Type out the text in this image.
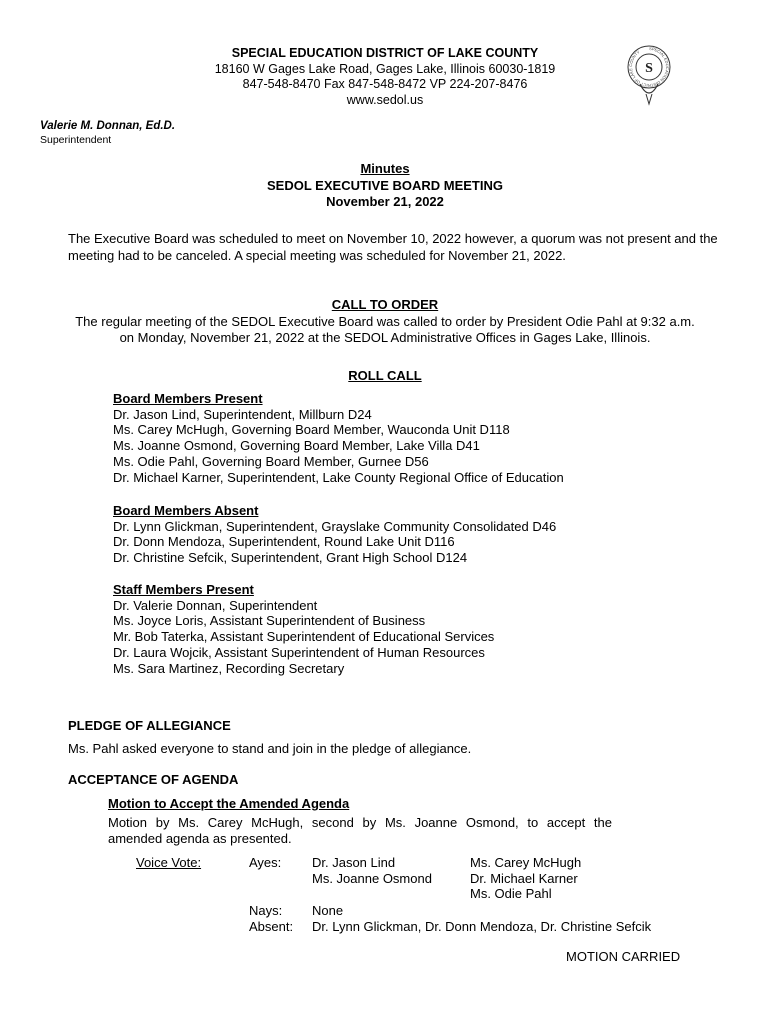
SPECIAL EDUCATION DISTRICT OF LAKE COUNTY
18160 W Gages Lake Road, Gages Lake, Illinois 60030-1819
847-548-8470 Fax 847-548-8472 VP 224-207-8476
www.sedol.us
SPECIAL EDUCATION DISTRICT OF LAKE COUNTY
S
Valerie M. Donnan, Ed.D.
Superintendent
Minutes
SEDOL EXECUTIVE BOARD MEETING
November 21, 2022
The Executive Board was scheduled to meet on November 10, 2022 however, a quorum was not present and the meeting had to be canceled. A special meeting was scheduled for November 21, 2022.
CALL TO ORDER
The regular meeting of the SEDOL Executive Board was called to order by President Odie Pahl at 9:32 a.m.
on Monday, November 21, 2022 at the SEDOL Administrative Offices in Gages Lake, Illinois.
ROLL CALL
Board Members Present
Dr. Jason Lind, Superintendent, Millburn D24
Ms. Carey McHugh, Governing Board Member, Wauconda Unit D118
Ms. Joanne Osmond, Governing Board Member, Lake Villa D41
Ms. Odie Pahl, Governing Board Member, Gurnee D56
Dr. Michael Karner, Superintendent, Lake County Regional Office of Education
Board Members Absent
Dr. Lynn Glickman, Superintendent, Grayslake Community Consolidated D46
Dr. Donn Mendoza, Superintendent, Round Lake Unit D116
Dr. Christine Sefcik, Superintendent, Grant High School D124
Staff Members Present
Dr. Valerie Donnan, Superintendent
Ms. Joyce Loris, Assistant Superintendent of Business
Mr. Bob Taterka, Assistant Superintendent of Educational Services
Dr. Laura Wojcik, Assistant Superintendent of Human Resources
Ms. Sara Martinez, Recording Secretary
PLEDGE OF ALLEGIANCE
Ms. Pahl asked everyone to stand and join in the pledge of allegiance.
ACCEPTANCE OF AGENDA
Motion to Accept the Amended Agenda
Motion by Ms. Carey McHugh, second by Ms. Joanne Osmond, to accept the
amended agenda as presented.
Voice Vote:	Ayes: Dr. Jason Lind
Ms. Joanne Osmond
Ms. Carey McHugh
Dr. Michael Karner
Ms. Odie Pahl
Nays: None
Absent: Dr. Lynn Glickman, Dr. Donn Mendoza, Dr. Christine Sefcik
MOTION CARRIED
